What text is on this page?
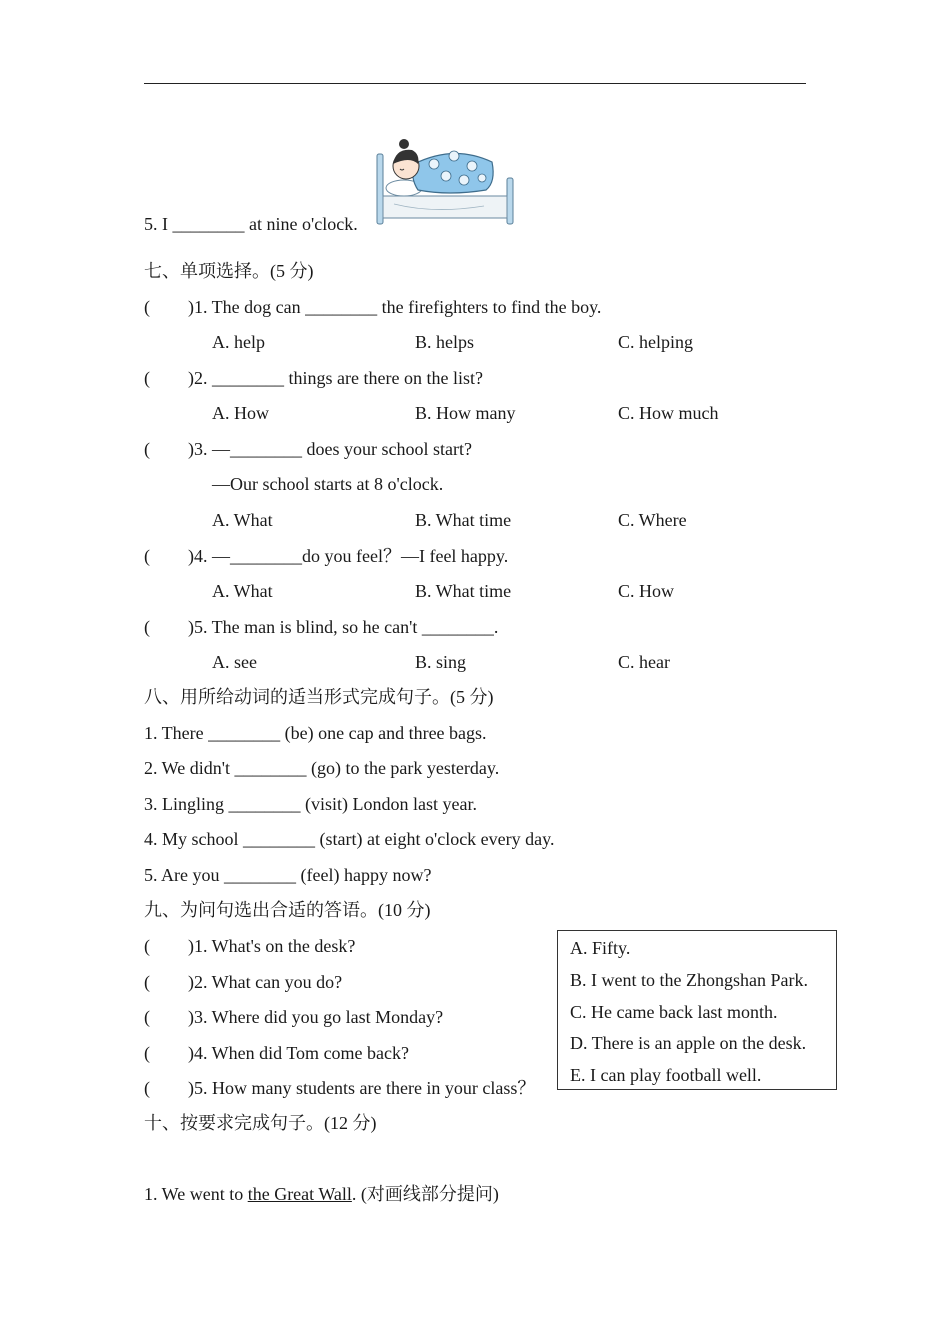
5. I ________ at nine o'clock.
七、单项选择。(5 分)
( )1. The dog can ________ the firefighters to find the boy.
A. help	B. helps	C. helping
( )2. ________ things are there on the list?
A. How	B. How many	C. How much
( )3. —________ does your school start?
—Our school starts at 8 o'clock.
A. What	B. What time	C. Where
( )4. —________do you feel？—I feel happy.
A. What	B. What time	C. How
( )5. The man is blind, so he can't ________.
A. see	B. sing	C. hear
八、用所给动词的适当形式完成句子。(5 分)
1. There ________ (be) one cap and three bags.
2. We didn't ________ (go) to the park yesterday.
3. Lingling ________ (visit) London last year.
4. My school ________ (start) at eight o'clock every day.
5. Are you ________ (feel) happy now?
九、为问句选出合适的答语。(10 分)
( )1. What's on the desk?
( )2. What can you do?
( )3. Where did you go last Monday?
( )4. When did Tom come back?
( )5. How many students are there in your class？
A. Fifty.
B. I went to the Zhongshan Park.
C. He came back last month.
D. There is an apple on the desk.
E. I can play football well.
十、按要求完成句子。(12 分)
1. We went to the Great Wall. (对画线部分提问)
